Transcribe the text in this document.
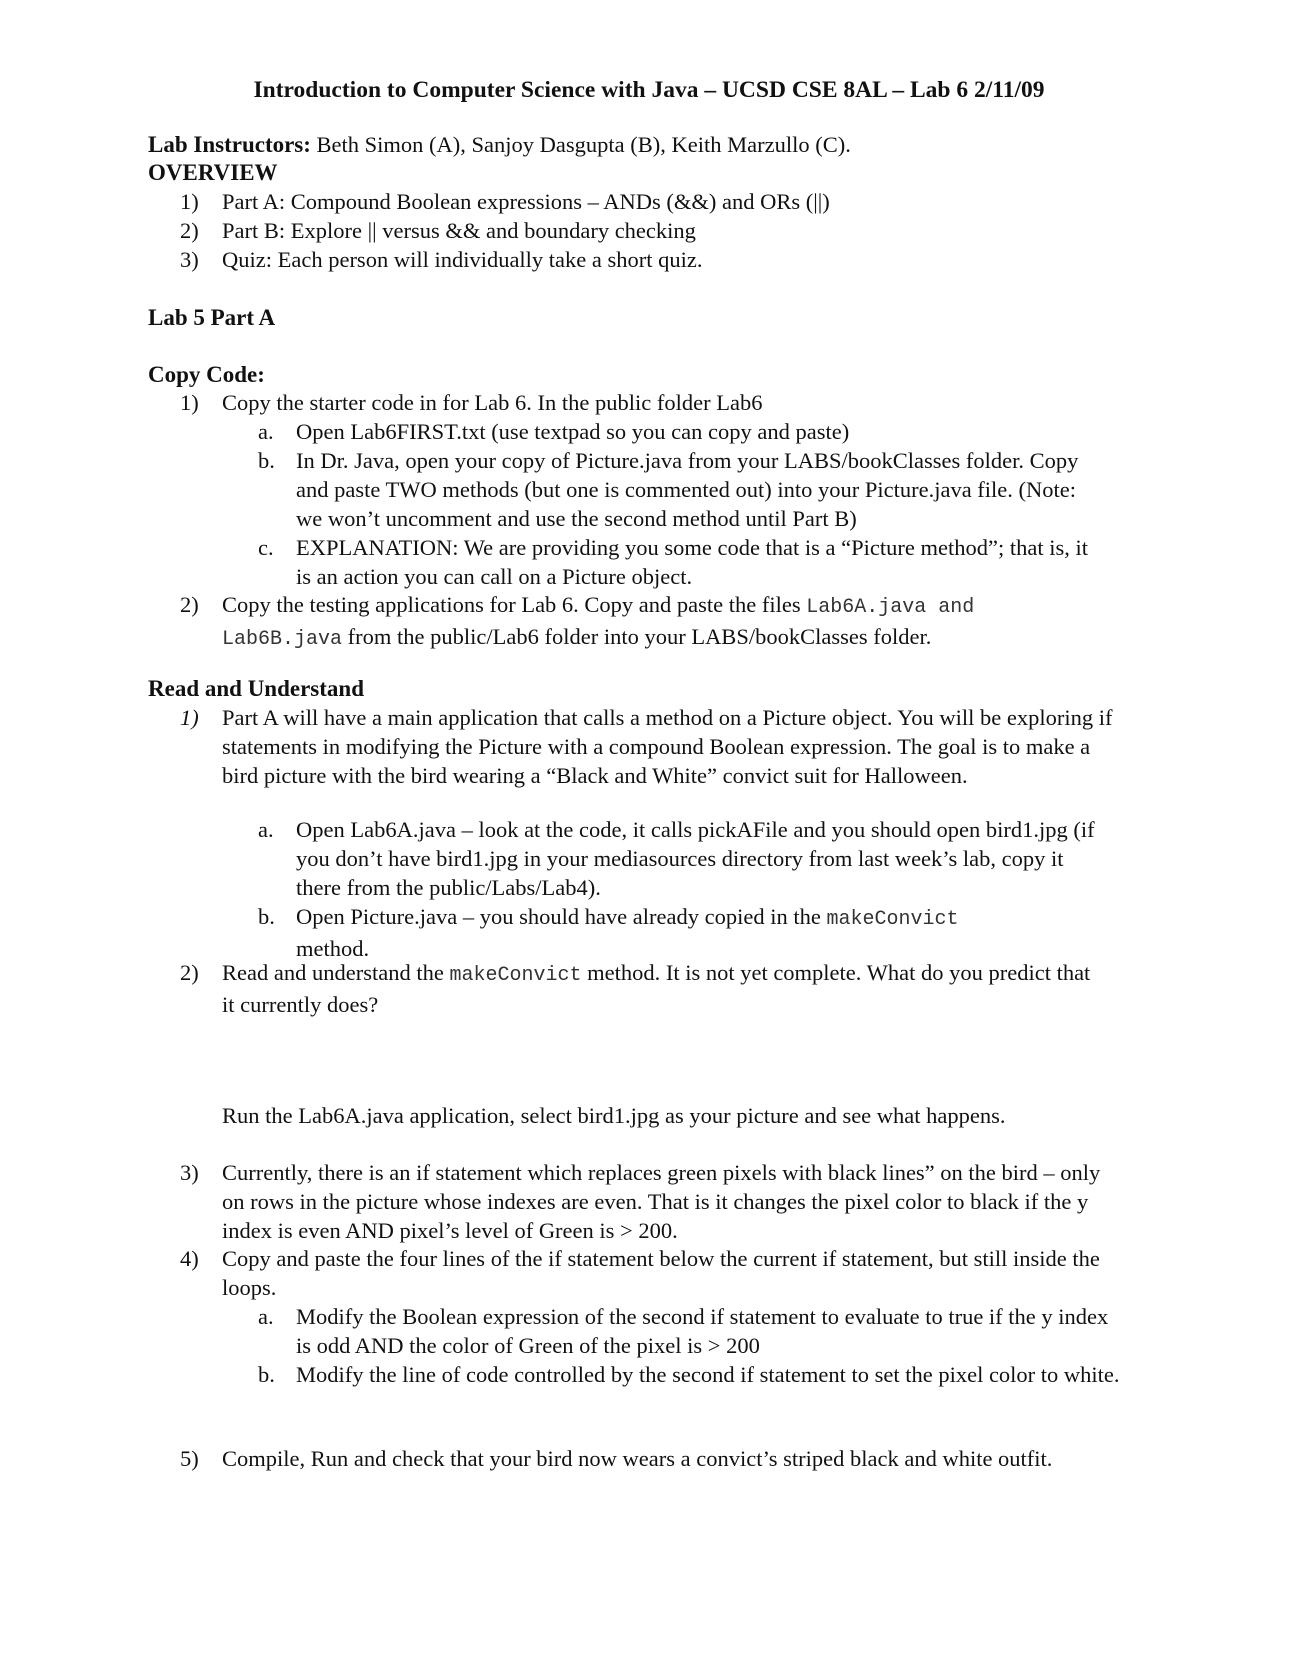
Introduction to Computer Science with Java – UCSD CSE 8AL – Lab 6 2/11/09
Lab Instructors: Beth Simon (A), Sanjoy Dasgupta (B), Keith Marzullo (C).
OVERVIEW
1) Part A: Compound Boolean expressions – ANDs (&&) and ORs (||)
2) Part B: Explore || versus && and boundary checking
3) Quiz: Each person will individually take a short quiz.
Lab 5 Part A
Copy Code:
1) Copy the starter code in for Lab 6. In the public folder Lab6
a. Open Lab6FIRST.txt (use textpad so you can copy and paste)
b. In Dr. Java, open your copy of Picture.java from your LABS/bookClasses folder. Copy and paste TWO methods (but one is commented out) into your Picture.java file. (Note: we won’t uncomment and use the second method until Part B)
c. EXPLANATION: We are providing you some code that is a “Picture method”; that is, it is an action you can call on a Picture object.
2) Copy the testing applications for Lab 6. Copy and paste the files Lab6A.java and
Lab6B.java from the public/Lab6 folder into your LABS/bookClasses folder.
Read and Understand
1) Part A will have a main application that calls a method on a Picture object. You will be exploring if statements in modifying the Picture with a compound Boolean expression. The goal is to make a bird picture with the bird wearing a “Black and White” convict suit for Halloween.
a. Open Lab6A.java – look at the code, it calls pickAFile and you should open bird1.jpg (if you don’t have bird1.jpg in your mediasources directory from last week’s lab, copy it there from the public/Labs/Lab4).
b. Open Picture.java – you should have already copied in the makeConvict
method.
2) Read and understand the makeConvict method. It is not yet complete. What do you predict that it currently does?
Run the Lab6A.java application, select bird1.jpg as your picture and see what happens.
3) Currently, there is an if statement which replaces green pixels with black lines” on the bird – only on rows in the picture whose indexes are even. That is it changes the pixel color to black if the y index is even AND pixel’s level of Green is > 200.
4) Copy and paste the four lines of the if statement below the current if statement, but still inside the loops.
a. Modify the Boolean expression of the second if statement to evaluate to true if the y index is odd AND the color of Green of the pixel is > 200
b. Modify the line of code controlled by the second if statement to set the pixel color to white.
5) Compile, Run and check that your bird now wears a convict’s striped black and white outfit.
